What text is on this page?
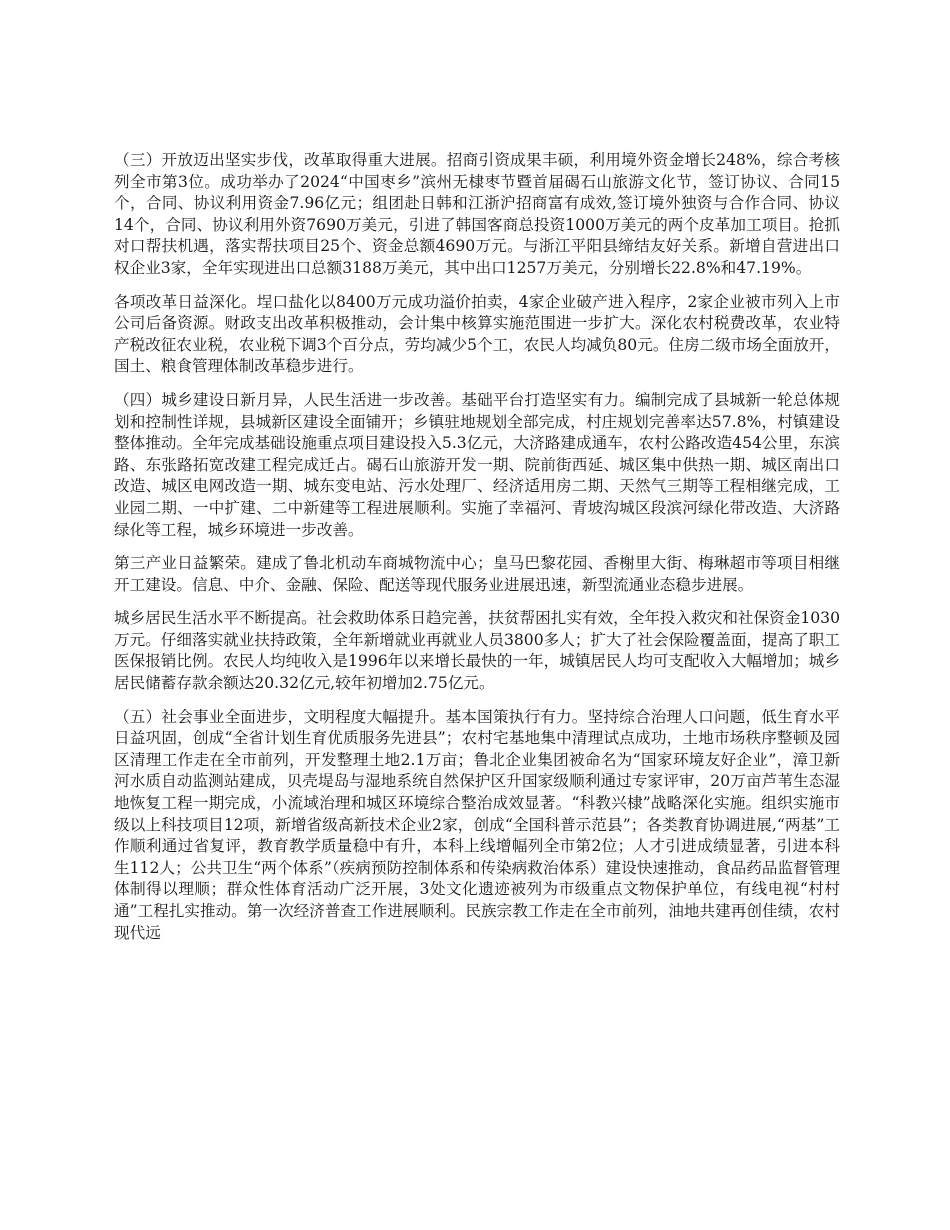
（三）开放迈出坚实步伐，改革取得重大进展。招商引资成果丰硕，利用境外资金增长248%，综合考核列全市第3位。成功举办了2024“中国枣乡”滨州无棣枣节暨首届碣石山旅游文化节，签订协议、合同15个，合同、协议利用资金7.96亿元；组团赴日韩和江浙沪招商富有成效,签订境外独资与合作合同、协议14个，合同、协议利用外资7690万美元，引进了韩国客商总投资1000万美元的两个皮革加工项目。抢抓对口帮扶机遇，落实帮扶项目25个、资金总额4690万元。与浙江平阳县缔结友好关系。新增自营进出口权企业3家，全年实现进出口总额3188万美元，其中出口1257万美元，分别增长22.8%和47.19%。

各项改革日益深化。埕口盐化以8400万元成功溢价拍卖，4家企业破产进入程序，2家企业被市列入上市公司后备资源。财政支出改革积极推动，会计集中核算实施范围进一步扩大。深化农村税费改革，农业特产税改征农业税，农业税下调3个百分点，劳均减少5个工，农民人均减负80元。住房二级市场全面放开，国土、粮食管理体制改革稳步进行。

（四）城乡建设日新月异，人民生活进一步改善。基础平台打造坚实有力。编制完成了县城新一轮总体规划和控制性详规，县城新区建设全面铺开；乡镇驻地规划全部完成，村庄规划完善率达57.8%，村镇建设整体推动。全年完成基础设施重点项目建设投入5.3亿元，大济路建成通车，农村公路改造454公里，东滨路、东张路拓宽改建工程完成迁占。碣石山旅游开发一期、院前街西延、城区集中供热一期、城区南出口改造、城区电网改造一期、城东变电站、污水处理厂、经济适用房二期、天然气三期等工程相继完成，工业园二期、一中扩建、二中新建等工程进展顺利。实施了幸福河、青坡沟城区段滨河绿化带改造、大济路绿化等工程，城乡环境进一步改善。

第三产业日益繁荣。建成了鲁北机动车商城物流中心；皇马巴黎花园、香榭里大街、梅琳超市等项目相继开工建设。信息、中介、金融、保险、配送等现代服务业进展迅速，新型流通业态稳步进展。

城乡居民生活水平不断提高。社会救助体系日趋完善，扶贫帮困扎实有效，全年投入救灾和社保资金1030万元。仔细落实就业扶持政策，全年新增就业再就业人员3800多人；扩大了社会保险覆盖面，提高了职工医保报销比例。农民人均纯收入是1996年以来增长最快的一年，城镇居民人均可支配收入大幅增加；城乡居民储蓄存款余额达20.32亿元,较年初增加2.75亿元。

（五）社会事业全面进步，文明程度大幅提升。基本国策执行有力。坚持综合治理人口问题，低生育水平日益巩固，创成“全省计划生育优质服务先进县”；农村宅基地集中清理试点成功，土地市场秩序整顿及园区清理工作走在全市前列，开发整理土地2.1万亩；鲁北企业集团被命名为“国家环境友好企业”，漳卫新河水质自动监测站建成，贝壳堤岛与湿地系统自然保护区升国家级顺利通过专家评审，20万亩芦苇生态湿地恢复工程一期完成，小流域治理和城区环境综合整治成效显著。“科教兴棣”战略深化实施。组织实施市级以上科技项目12项，新增省级高新技术企业2家，创成“全国科普示范县”；各类教育协调进展,“两基”工作顺利通过省复评，教育教学质量稳中有升，本科上线增幅列全市第2位；人才引进成绩显著，引进本科生112人；公共卫生“两个体系”（疾病预防控制体系和传染病救治体系）建设快速推动，食品药品监督管理体制得以理顺；群众性体育活动广泛开展，3处文化遗迹被列为市级重点文物保护单位，有线电视“村村通”工程扎实推动。第一次经济普查工作进展顺利。民族宗教工作走在全市前列，油地共建再创佳绩，农村现代远
